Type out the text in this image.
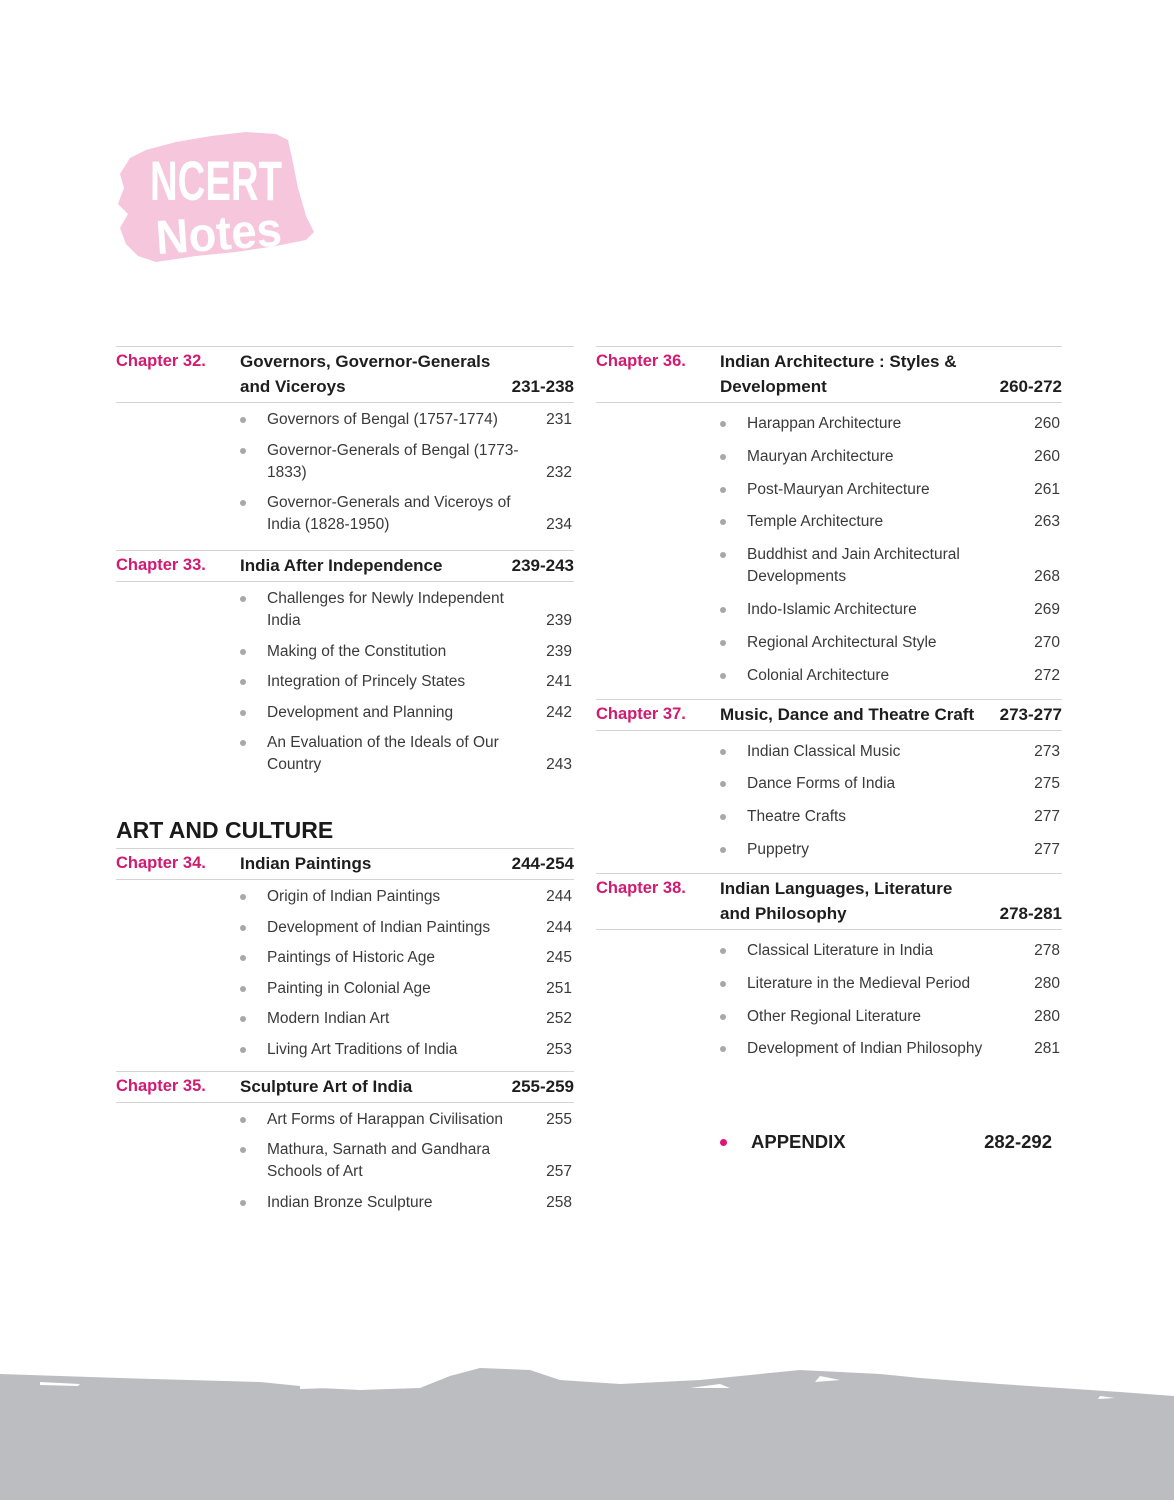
NCERT
Notes
Chapter 32.	Governors, Governor-Generals and Viceroys	231-238
Governors of Bengal (1757-1774)	231
Governor-Generals of Bengal (1773-1833)	232
Governor-Generals and Viceroys of India (1828-1950)	234
Chapter 33.	India After Independence	239-243
Challenges for Newly Independent India	239
Making of the Constitution	239
Integration of Princely States	241
Development and Planning	242
An Evaluation of the Ideals of Our Country	243
ART AND CULTURE
Chapter 34.	Indian Paintings	244-254
Origin of Indian Paintings	244
Development of Indian Paintings	244
Paintings of Historic Age	245
Painting in Colonial Age	251
Modern Indian Art	252
Living Art Traditions of India	253
Chapter 35.	Sculpture Art of India	255-259
Art Forms of Harappan Civilisation	255
Mathura, Sarnath and Gandhara Schools of Art	257
Indian Bronze Sculpture	258
Chapter 36.	Indian Architecture : Styles & Development	260-272
Harappan Architecture	260
Mauryan Architecture	260
Post-Mauryan Architecture	261
Temple Architecture	263
Buddhist and Jain Architectural Developments	268
Indo-Islamic Architecture	269
Regional Architectural Style	270
Colonial Architecture	272
Chapter 37.	Music, Dance and Theatre Craft	273-277
Indian Classical Music	273
Dance Forms of India	275
Theatre Crafts	277
Puppetry	277
Chapter 38.	Indian Languages, Literature and Philosophy	278-281
Classical Literature in India	278
Literature in the Medieval Period	280
Other Regional Literature	280
Development of Indian Philosophy	281
APPENDIX	282-292
